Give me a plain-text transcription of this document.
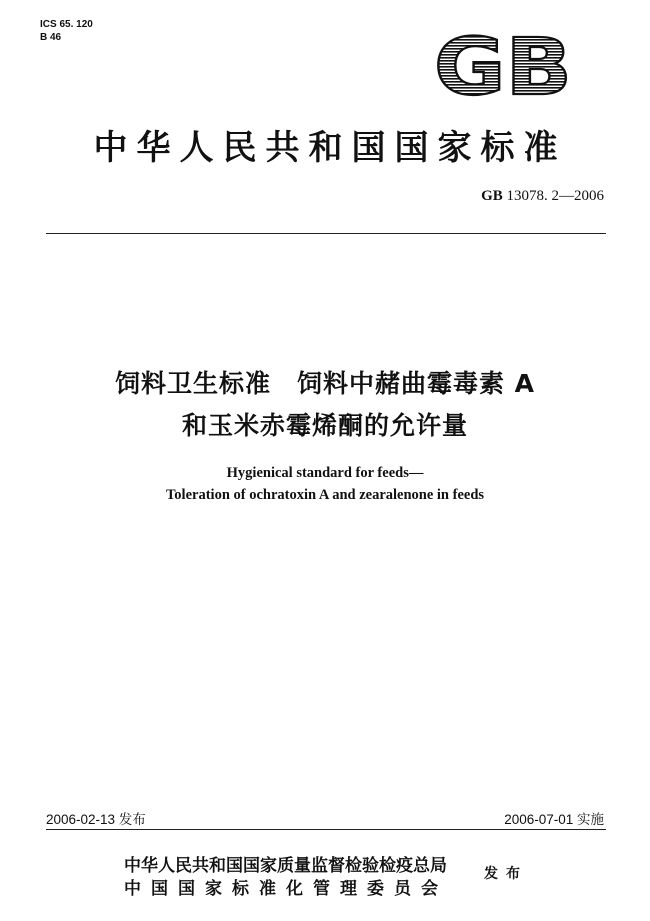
ICS 65. 120
B 46	GB
中华人民共和国国家标准
GB 13078. 2—2006
饲料卫生标准　饲料中赭曲霉毒素 A
和玉米赤霉烯酮的允许量
Hygienical standard for feeds—
Toleration of ochratoxin A and zearalenone in feeds
2006-02-13 发布	2006-07-01 实施
中华人民共和国国家质量监督检验检疫总局
中国国家标准化管理委员会
发布
